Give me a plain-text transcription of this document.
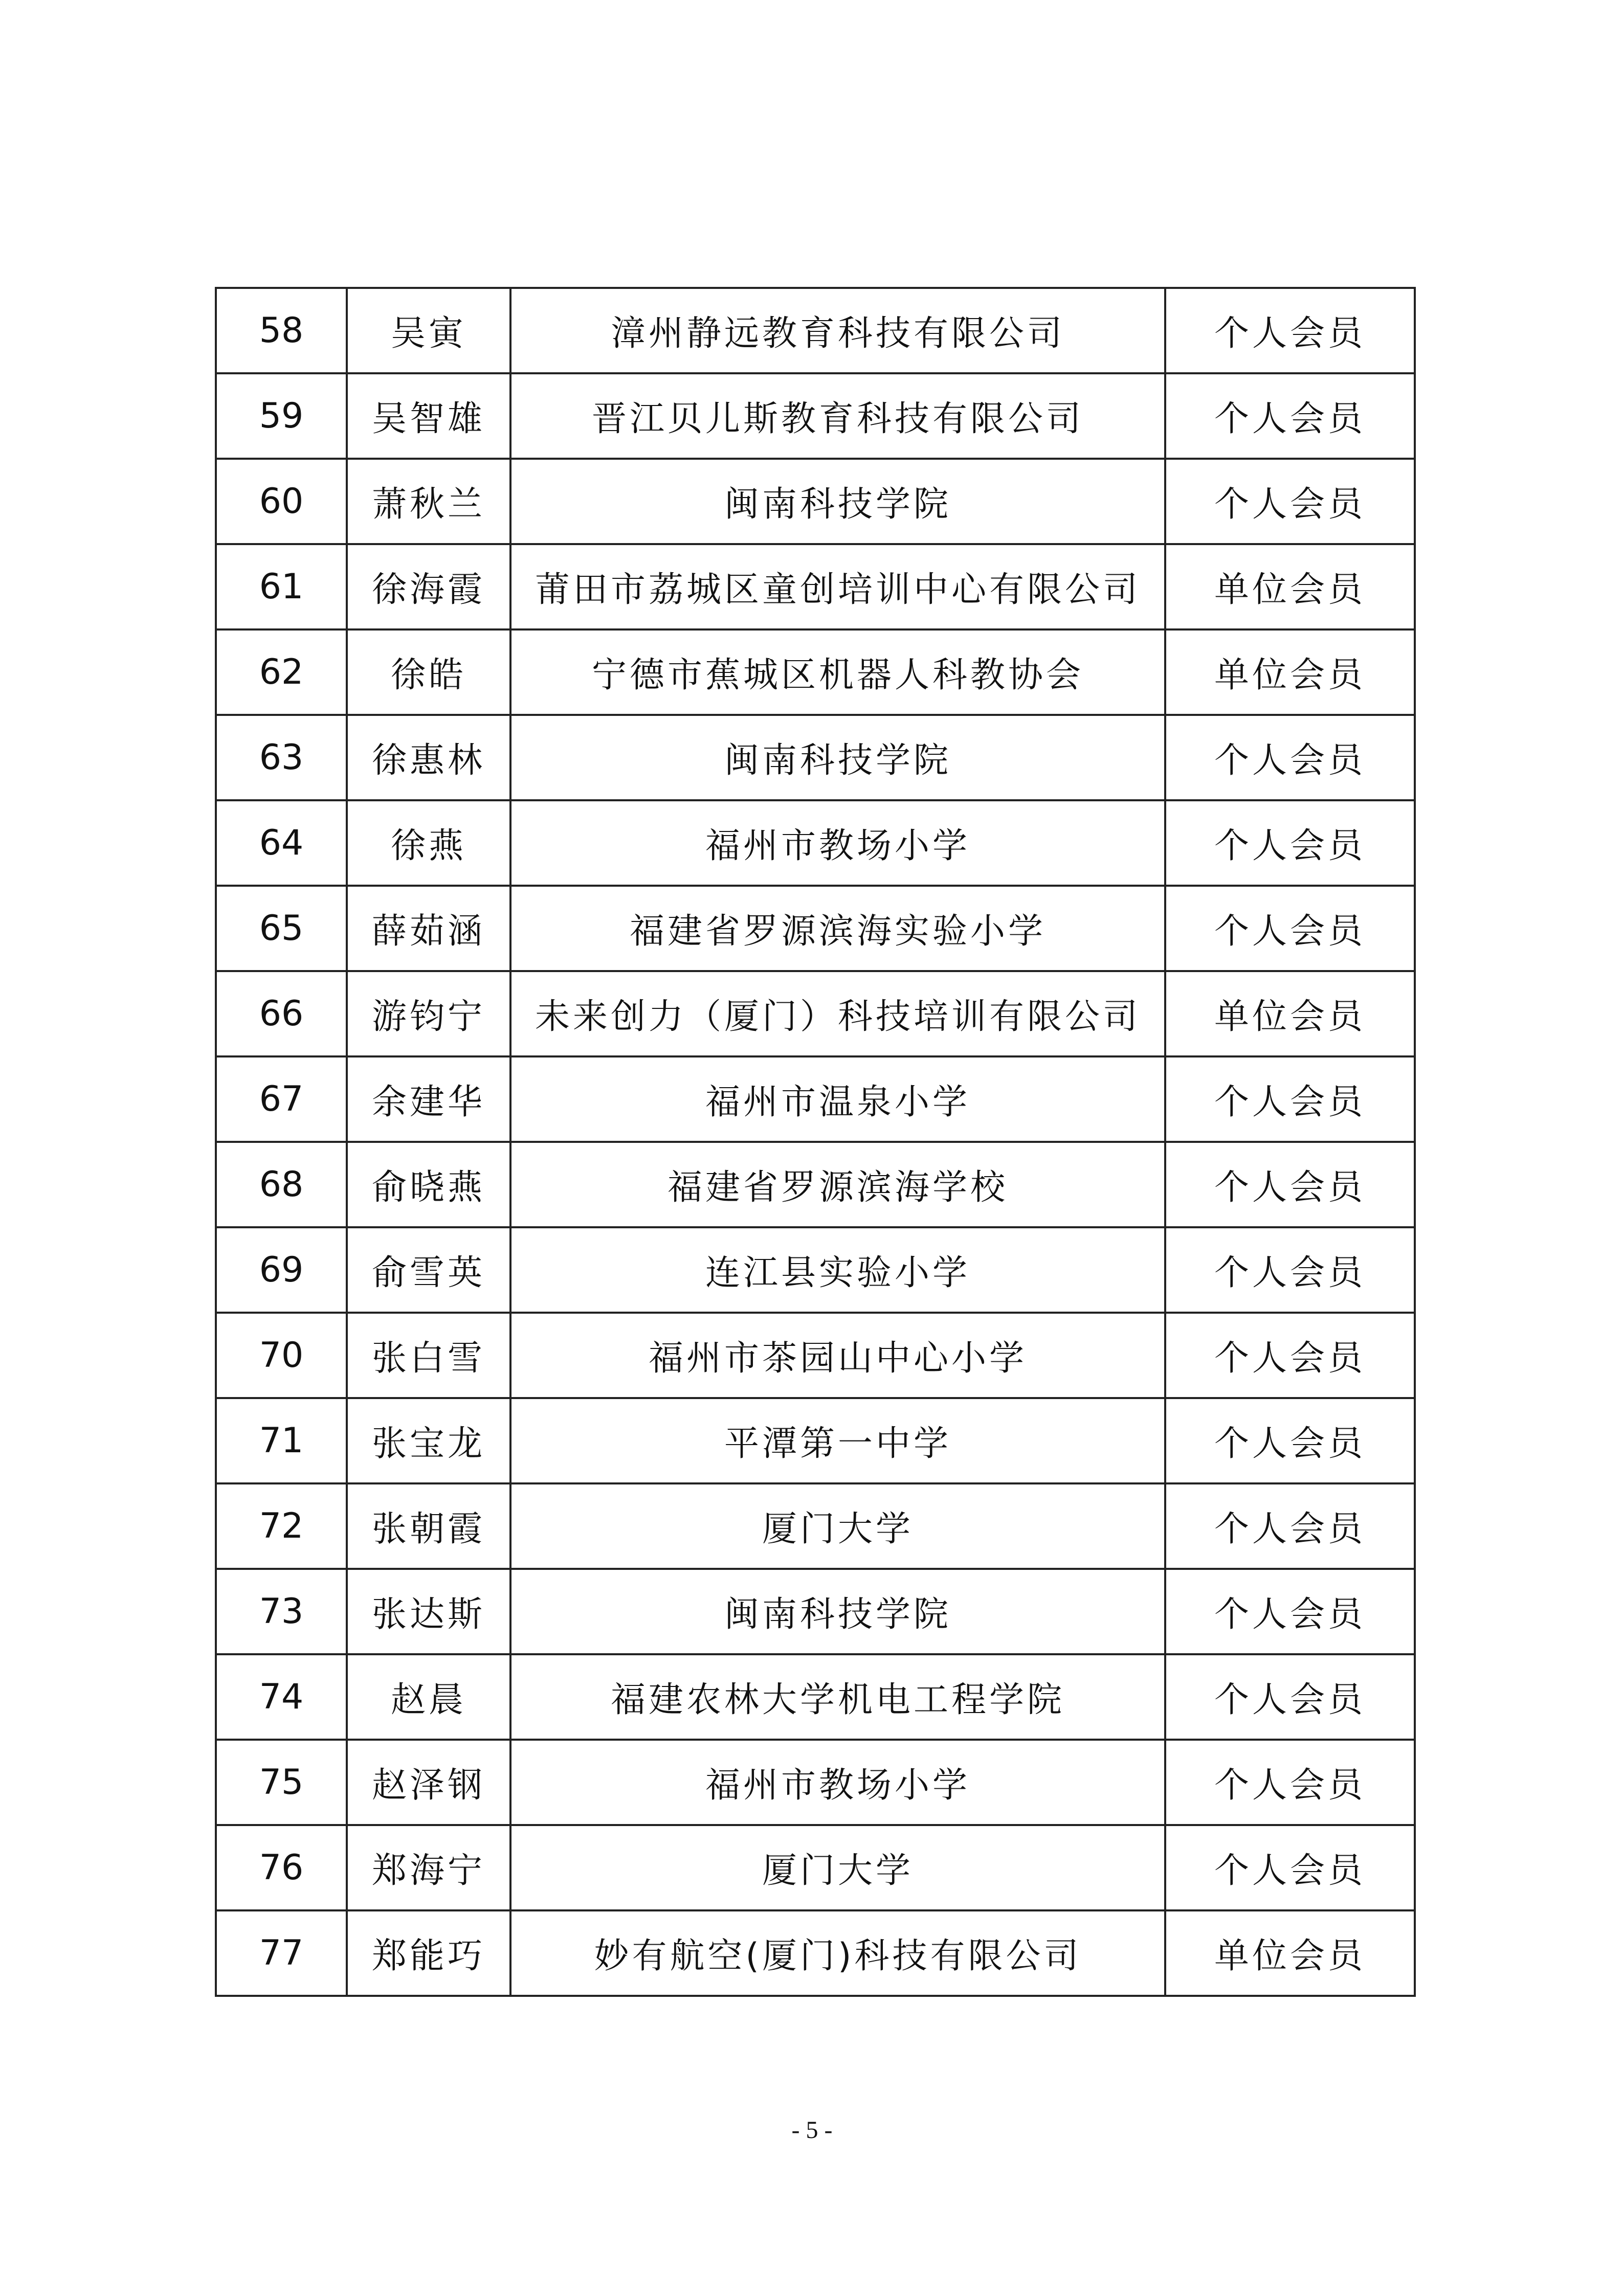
58	吴寅	漳州静远教育科技有限公司	个人会员
59	吴智雄	晋江贝儿斯教育科技有限公司	个人会员
60	萧秋兰	闽南科技学院	个人会员
61	徐海霞	莆田市荔城区童创培训中心有限公司	单位会员
62	徐皓	宁德市蕉城区机器人科教协会	单位会员
63	徐惠林	闽南科技学院	个人会员
64	徐燕	福州市教场小学	个人会员
65	薛茹涵	福建省罗源滨海实验小学	个人会员
66	游钧宁	未来创力（厦门）科技培训有限公司	单位会员
67	余建华	福州市温泉小学	个人会员
68	俞晓燕	福建省罗源滨海学校	个人会员
69	俞雪英	连江县实验小学	个人会员
70	张白雪	福州市茶园山中心小学	个人会员
71	张宝龙	平潭第一中学	个人会员
72	张朝霞	厦门大学	个人会员
73	张达斯	闽南科技学院	个人会员
74	赵晨	福建农林大学机电工程学院	个人会员
75	赵泽钢	福州市教场小学	个人会员
76	郑海宁	厦门大学	个人会员
77	郑能巧	妙有航空(厦门)科技有限公司	单位会员
- 5 -
